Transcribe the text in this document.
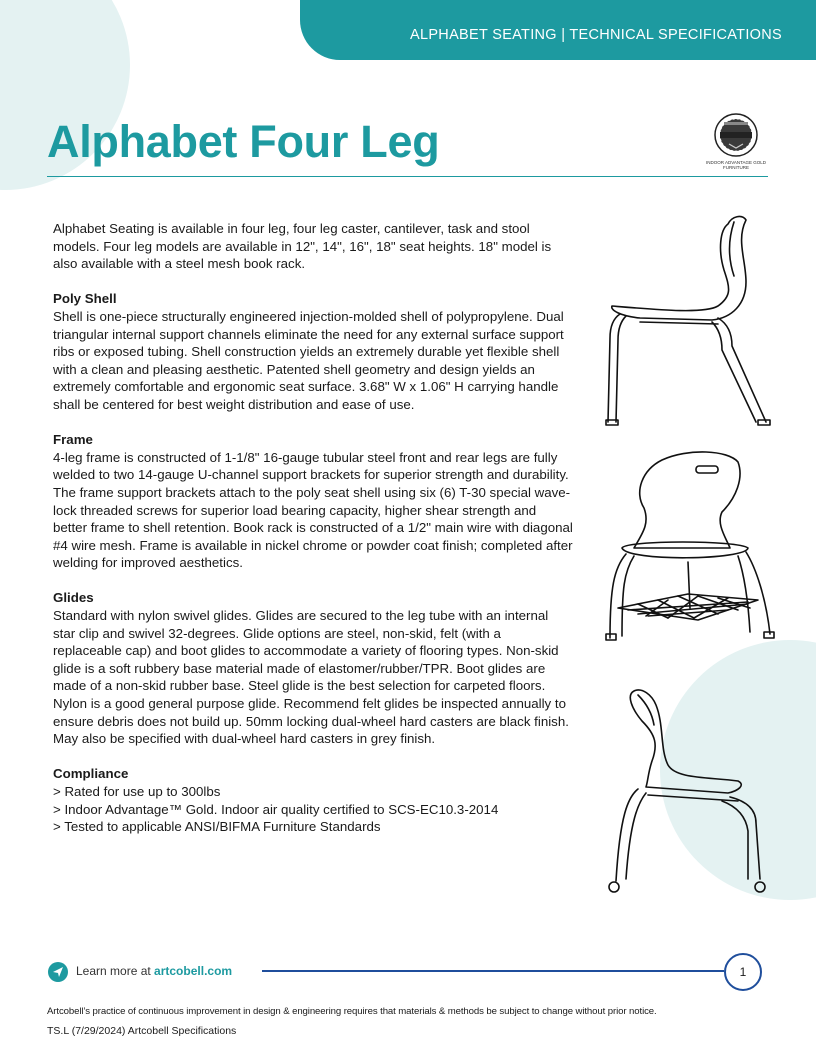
ALPHABET SEATING | TECHNICAL SPECIFICATIONS
Alphabet Four Leg	INDOOR ADVANTAGE GOLD FURNITURE

Alphabet Seating is available in four leg, four leg caster, cantilever, task and stool models. Four leg models are available in 12", 14", 16", 18" seat heights. 18" model is also available with a steel mesh book rack.

Poly Shell

Shell is one-piece structurally engineered injection-molded shell of polypropylene. Dual triangular internal support channels eliminate the need for any external surface support ribs or exposed tubing. Shell construction yields an extremely durable yet flexible shell with a clean and pleasing aesthetic. Patented shell geometry and design yields an extremely comfortable and ergonomic seat surface. 3.68" W x 1.06" H carrying handle shall be centered for best weight distribution and ease of use.

Frame

4-leg frame is constructed of 1-1/8" 16-gauge tubular steel front and rear legs are fully welded to two 14-gauge U-channel support brackets for superior strength and durability. The frame support brackets attach to the poly seat shell using six (6) T-30 special wave-lock threaded screws for superior load bearing capacity, higher shear strength and better frame to shell retention. Book rack is constructed of a 1/2" main wire with diagonal #4 wire mesh. Frame is available in nickel chrome or powder coat finish; completed after welding for improved aesthetics.

Glides

Standard with nylon swivel glides. Glides are secured to the leg tube with an internal star clip and swivel 32-degrees. Glide options are steel, non-skid, felt (with a replaceable cap) and boot glides to accommodate a variety of flooring types. Non-skid glide is a soft rubbery base material made of elastomer/rubber/TPR. Boot glides are made of a non-skid rubber base. Steel glide is the best selection for carpeted floors. Nylon is a good general purpose glide. Recommend felt glides be inspected annually to ensure debris does not build up. 50mm locking dual-wheel hard casters are black finish. May also be specified with dual-wheel hard casters in grey finish.

Compliance
> Rated for use up to 300lbs
> Indoor Advantage™ Gold. Indoor air quality certified to SCS-EC10.3-2014
> Tested to applicable ANSI/BIFMA Furniture Standards
Learn more at artcobell.com	1
Artcobell’s practice of continuous improvement in design & engineering requires that materials & methods be subject to change without prior notice.
TS.L (7/29/2024) Artcobell Specifications
